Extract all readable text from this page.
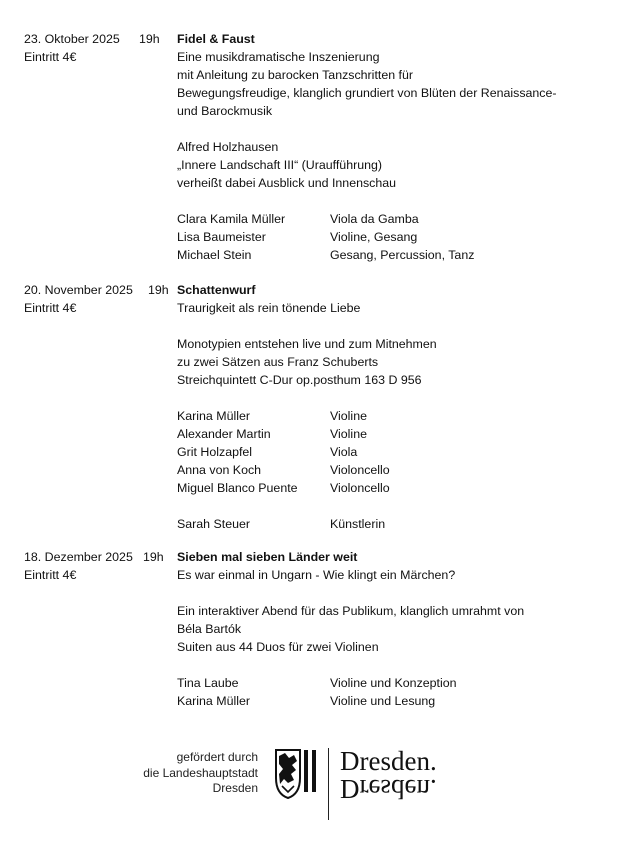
23. Oktober 2025 19h Fidel & Faust
Eintritt 4€	Eine musikdramatische Inszenierung
mit Anleitung zu barocken Tanzschritten für
Bewegungsfreudige, klanglich grundiert von Blüten der Renaissance-
und Barockmusik
Alfred Holzhausen
„Innere Landschaft III“ (Uraufführung)
verheißt dabei Ausblick und Innenschau
Clara Kamila Müller	Viola da Gamba
Lisa Baumeister	Violine, Gesang
Michael Stein	Gesang, Percussion, Tanz
20. November 2025 19h Schattenwurf
Eintritt 4€	Traurigkeit als rein tönende Liebe
Monotypien entstehen live und zum Mitnehmen
zu zwei Sätzen aus Franz Schuberts
Streichquintett C-Dur op.posthum 163 D 956
Karina Müller	Violine
Alexander Martin	Violine
Grit Holzapfel	Viola
Anna von Koch	Violoncello
Miguel Blanco Puente	Violoncello
Sarah Steuer	Künstlerin
18. Dezember 2025 19h Sieben mal sieben Länder weit
Eintritt 4€	Es war einmal in Ungarn - Wie klingt ein Märchen?
Ein interaktiver Abend für das Publikum, klanglich umrahmt von
Béla Bartók
Suiten aus 44 Duos für zwei Violinen
Tina Laube	Violine und Konzeption
Karina Müller	Violine und Lesung
gefördert durch
die Landeshauptstadt
Dresden
Dresden.
Dresden.
